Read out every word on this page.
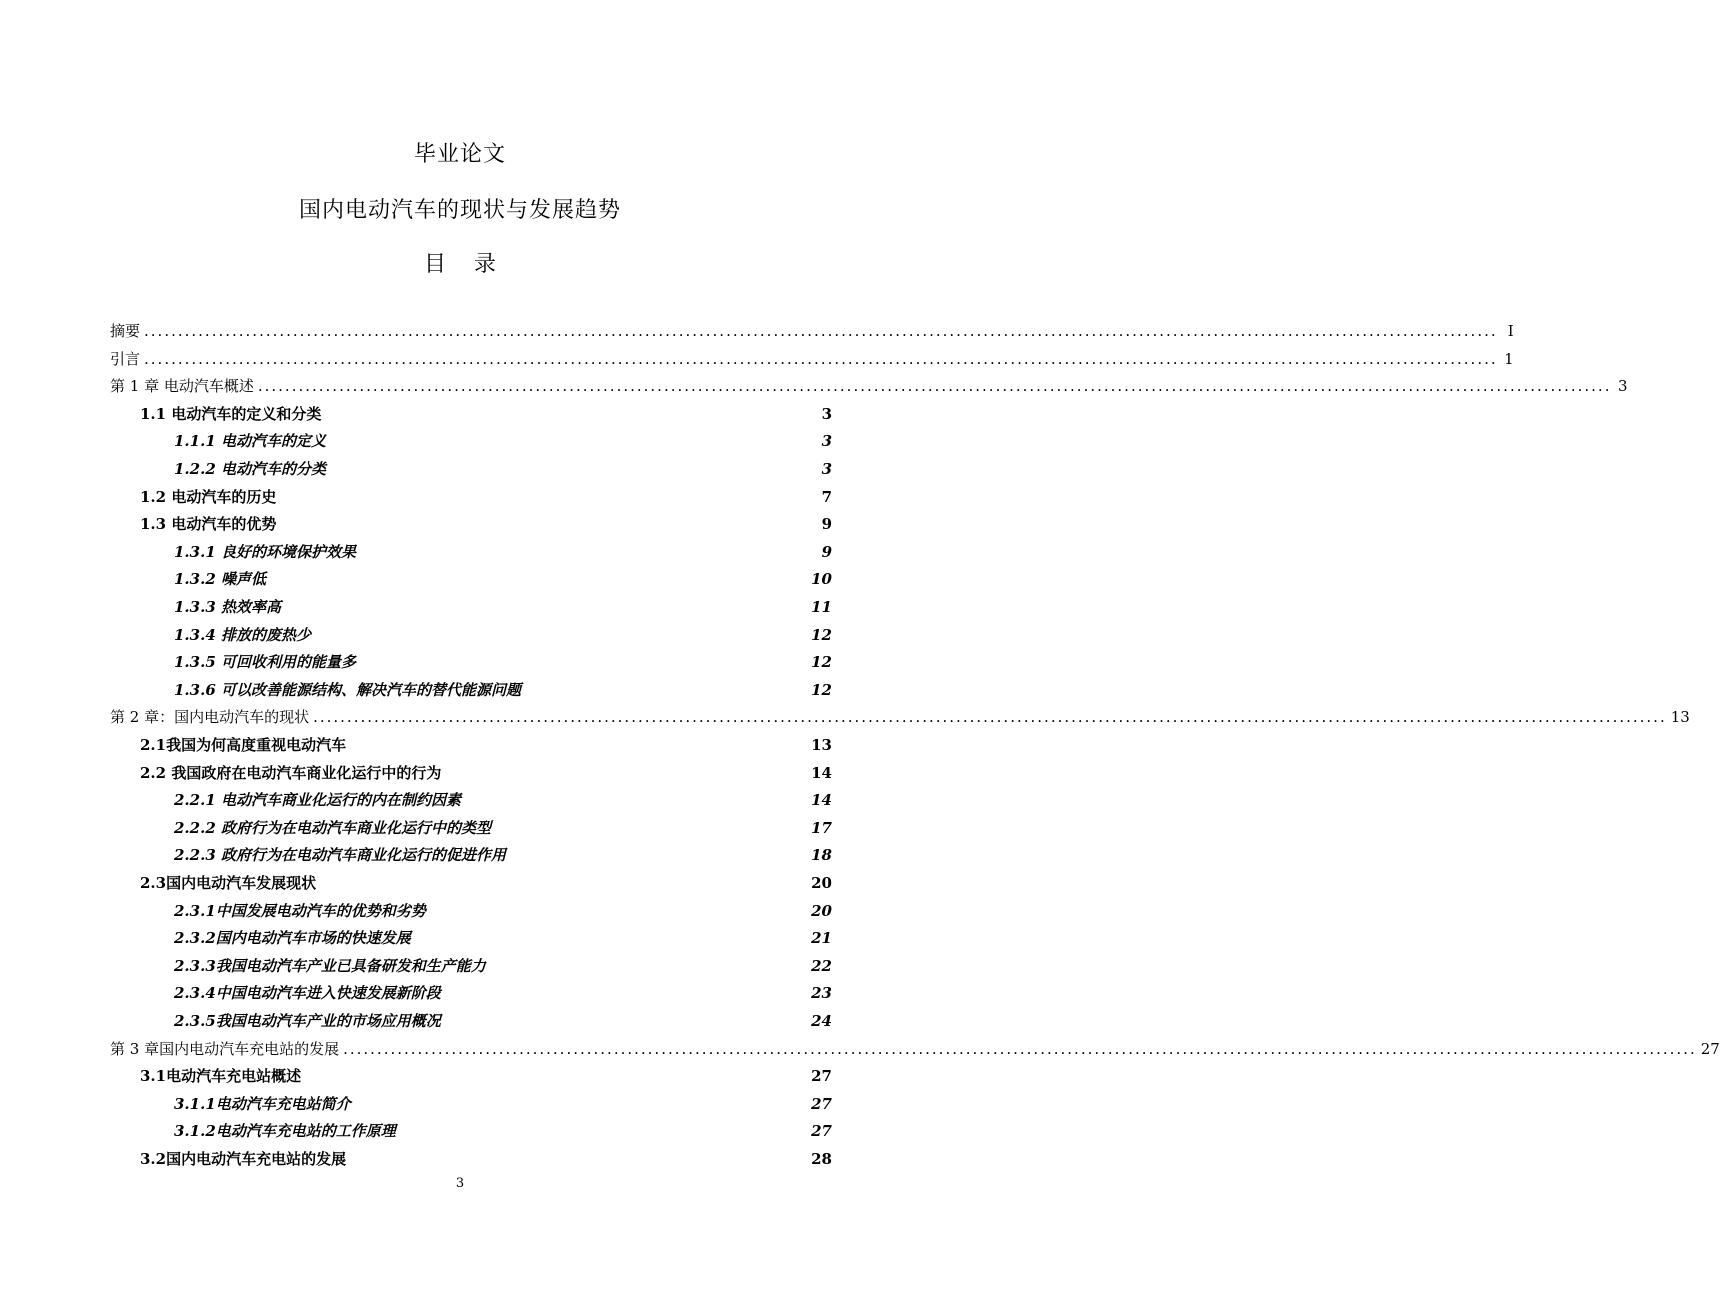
毕业论文
国内电动汽车的现状与发展趋势
目录
摘要 ........................................................................................................................................................................................................ I
引言 ........................................................................................................................................................................................................ 1
第 1 章 电动汽车概述 ........................................................................................................................................................................................................ 3
1.1 电动汽车的定义和分类	3
1.1.1 电动汽车的定义	3
1.2.2 电动汽车的分类	3
1.2 电动汽车的历史	7
1.3 电动汽车的优势	9
1.3.1 良好的环境保护效果	9
1.3.2 噪声低	10
1.3.3 热效率高	11
1.3.4 排放的废热少	12
1.3.5 可回收利用的能量多	12
1.3.6 可以改善能源结构、解决汽车的替代能源问题	12
第 2 章：国内电动汽车的现状 ........................................................................................................................................................................................................ 13
2.1我国为何高度重视电动汽车	13
2.2 我国政府在电动汽车商业化运行中的行为	14
2.2.1 电动汽车商业化运行的内在制约因素	14
2.2.2 政府行为在电动汽车商业化运行中的类型	17
2.2.3 政府行为在电动汽车商业化运行的促进作用	18
2.3国内电动汽车发展现状	20
2.3.1中国发展电动汽车的优势和劣势	20
2.3.2国内电动汽车市场的快速发展	21
2.3.3我国电动汽车产业已具备研发和生产能力	22
2.3.4中国电动汽车进入快速发展新阶段	23
2.3.5我国电动汽车产业的市场应用概况	24
第 3 章国内电动汽车充电站的发展 ........................................................................................................................................................................................................ 27
3.1电动汽车充电站概述	27
3.1.1电动汽车充电站简介	27
3.1.2电动汽车充电站的工作原理	27
3.2国内电动汽车充电站的发展	28
3
